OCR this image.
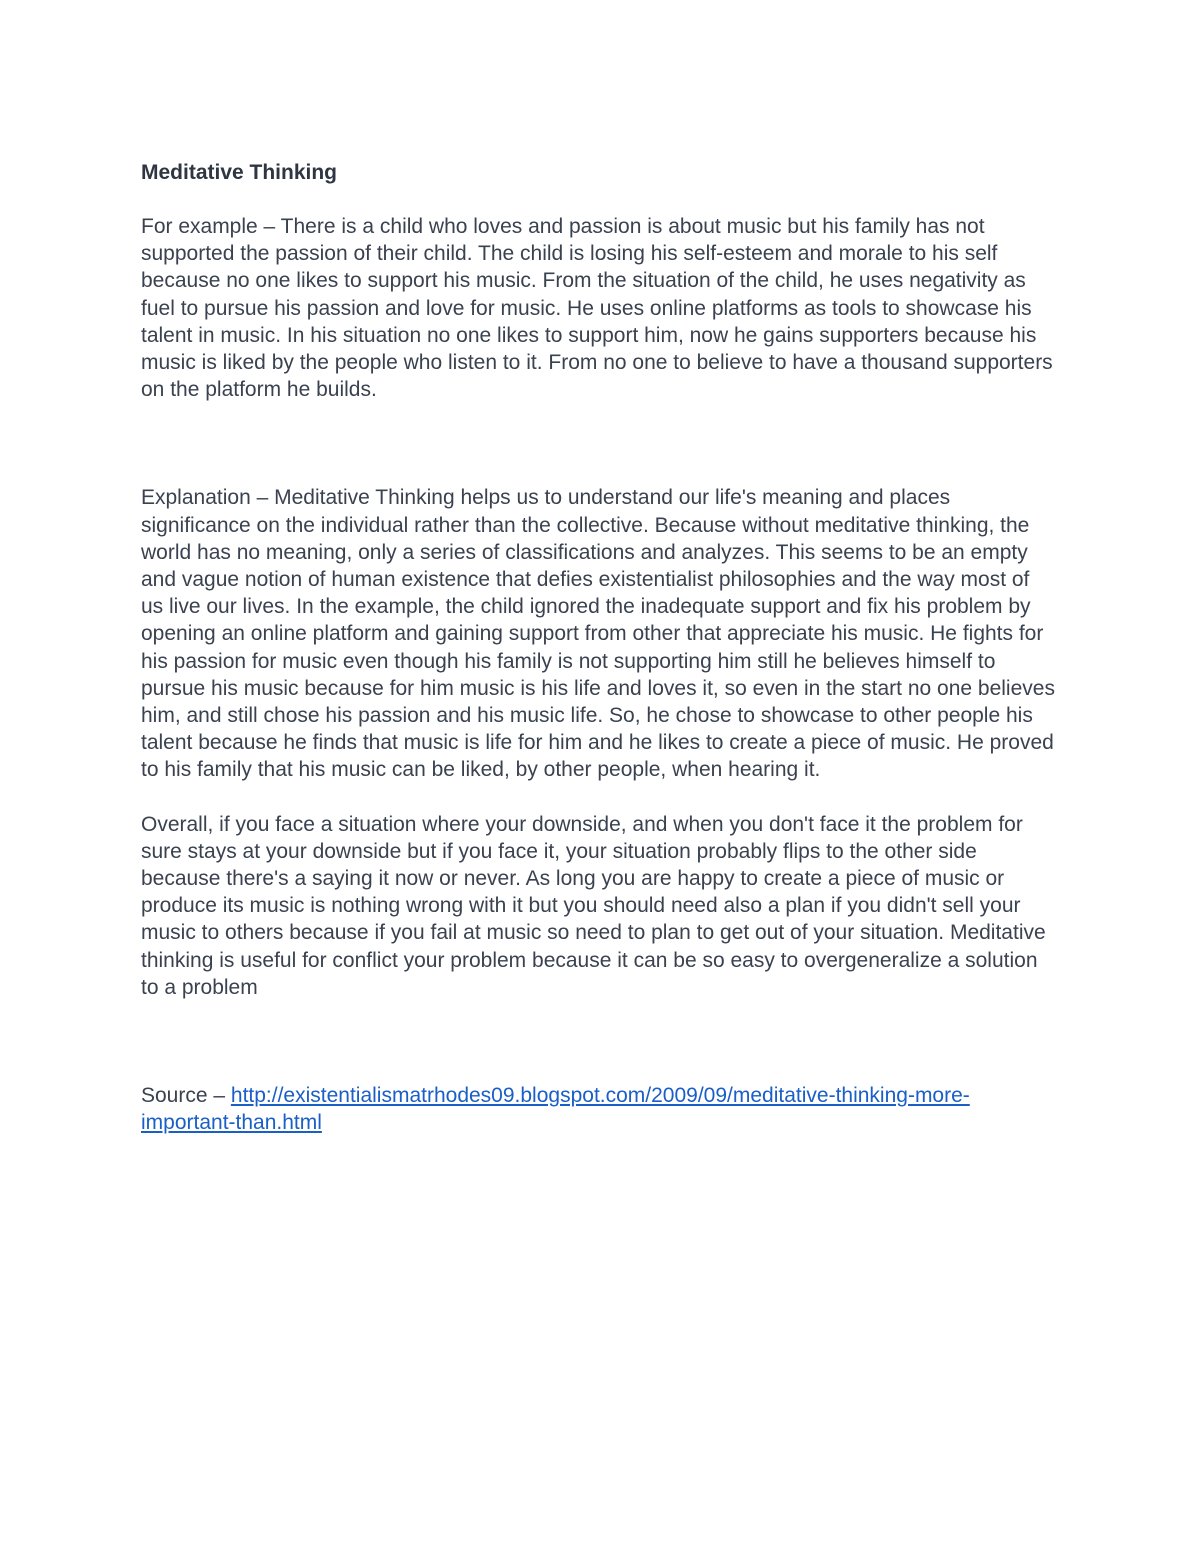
Meditative Thinking

For example – There is a child who loves and passion is about music but his family has not supported the passion of their child. The child is losing his self-esteem and morale to his self because no one likes to support his music. From the situation of the child, he uses negativity as fuel to pursue his passion and love for music. He uses online platforms as tools to showcase his talent in music. In his situation no one likes to support him, now he gains supporters because his music is liked by the people who listen to it. From no one to believe to have a thousand supporters on the platform he builds.

Explanation – Meditative Thinking helps us to understand our life's meaning and places significance on the individual rather than the collective. Because without meditative thinking, the world has no meaning, only a series of classifications and analyzes. This seems to be an empty and vague notion of human existence that defies existentialist philosophies and the way most of us live our lives. In the example, the child ignored the inadequate support and fix his problem by opening an online platform and gaining support from other that appreciate his music. He fights for his passion for music even though his family is not supporting him still he believes himself to pursue his music because for him music is his life and loves it, so even in the start no one believes him, and still chose his passion and his music life. So, he chose to showcase to other people his talent because he finds that music is life for him and he likes to create a piece of music. He proved to his family that his music can be liked, by other people, when hearing it.

Overall, if you face a situation where your downside, and when you don't face it the problem for sure stays at your downside but if you face it, your situation probably flips to the other side because there's a saying it now or never. As long you are happy to create a piece of music or produce its music is nothing wrong with it but you should need also a plan if you didn't sell your music to others because if you fail at music so need to plan to get out of your situation. Meditative thinking is useful for conflict your problem because it can be so easy to overgeneralize a solution to a problem

Source – http://existentialismatrhodes09.blogspot.com/2009/09/meditative-thinking-more-important-than.html
